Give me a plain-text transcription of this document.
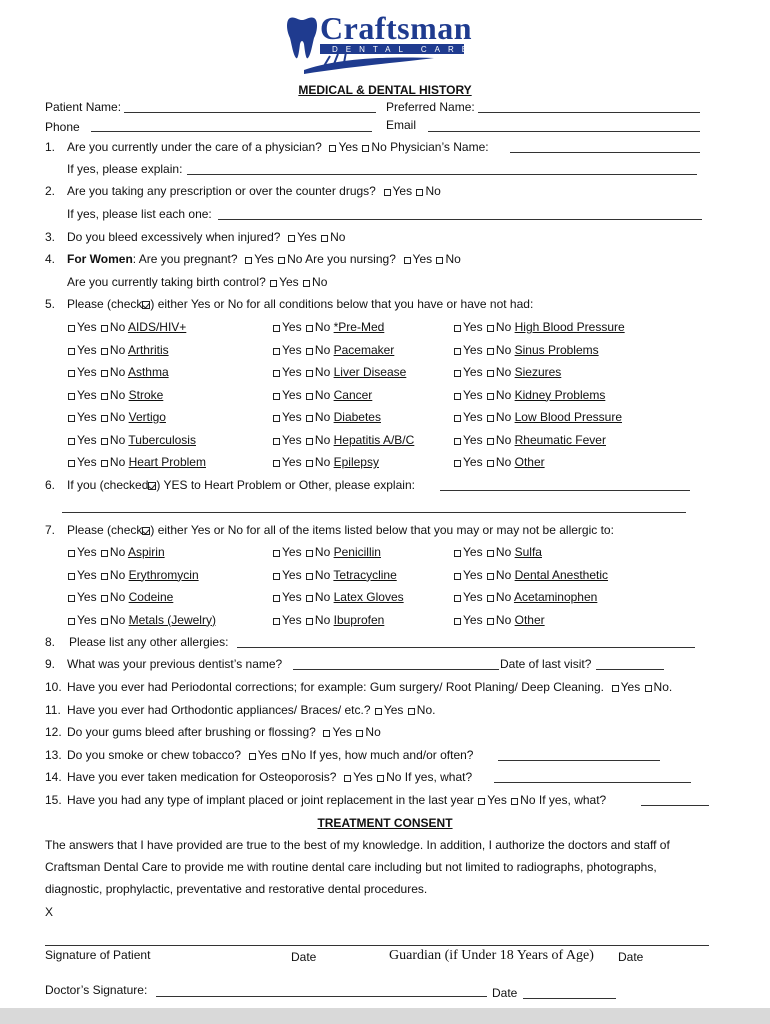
Craftsman
DENTAL CARE
MEDICAL & DENTAL HISTORY
Patient Name:	Preferred Name:
Phone	Email
1. Are you currently under the care of a physician? Yes No Physician’s Name:
If yes, please explain:
2. Are you taking any prescription or over the counter drugs? Yes No
If yes, please list each one:
3. Do you bleed excessively when injured? Yes No
4. For Women: Are you pregnant? Yes No Are you nursing? Yes No
Are you currently taking birth control? Yes No
5. Please (check ) either Yes or No for all conditions below that you have or have not had:
Yes No AIDS/HIV+	Yes No *Pre-Med	Yes No High Blood Pressure
Yes No Arthritis	Yes No Pacemaker	Yes No Sinus Problems
Yes No Asthma	Yes No Liver Disease	Yes No Siezures
Yes No Stroke	Yes No Cancer	Yes No Kidney Problems
Yes No Vertigo	Yes No Diabetes	Yes No Low Blood Pressure
Yes No Tuberculosis	Yes No Hepatitis A/B/C	Yes No Rheumatic Fever
Yes No Heart Problem	Yes No Epilepsy	Yes No Other
6. If you (checked ) YES to Heart Problem or Other, please explain:
7. Please (check ) either Yes or No for all of the items listed below that you may or may not be allergic to:
Yes No Aspirin	Yes No Penicillin	Yes No Sulfa
Yes No Erythromycin	Yes No Tetracycline	Yes No Dental Anesthetic
Yes No Codeine	Yes No Latex Gloves	Yes No Acetaminophen
Yes No Metals (Jewelry)	Yes No Ibuprofen	Yes No Other
8. Please list any other allergies:
9. What was your previous dentist’s name?	Date of last visit?
10. Have you ever had Periodontal corrections; for example: Gum surgery/ Root Planing/ Deep Cleaning. Yes No.
11. Have you ever had Orthodontic appliances/ Braces/ etc.? Yes No.
12. Do your gums bleed after brushing or flossing? Yes No
13. Do you smoke or chew tobacco? Yes No If yes, how much and/or often?
14. Have you ever taken medication for Osteoporosis? Yes No If yes, what?
15. Have you had any type of implant placed or joint replacement in the last year Yes No If yes, what?
TREATMENT CONSENT
The answers that I have provided are true to the best of my knowledge. In addition, I authorize the doctors and staff of
Craftsman Dental Care to provide me with routine dental care including but not limited to radiographs, photographs,
diagnostic, prophylactic, preventative and restorative dental procedures.
X
Signature of Patient	Date	Guardian (if Under 18 Years of Age) Date
Doctor’s Signature:	Date
